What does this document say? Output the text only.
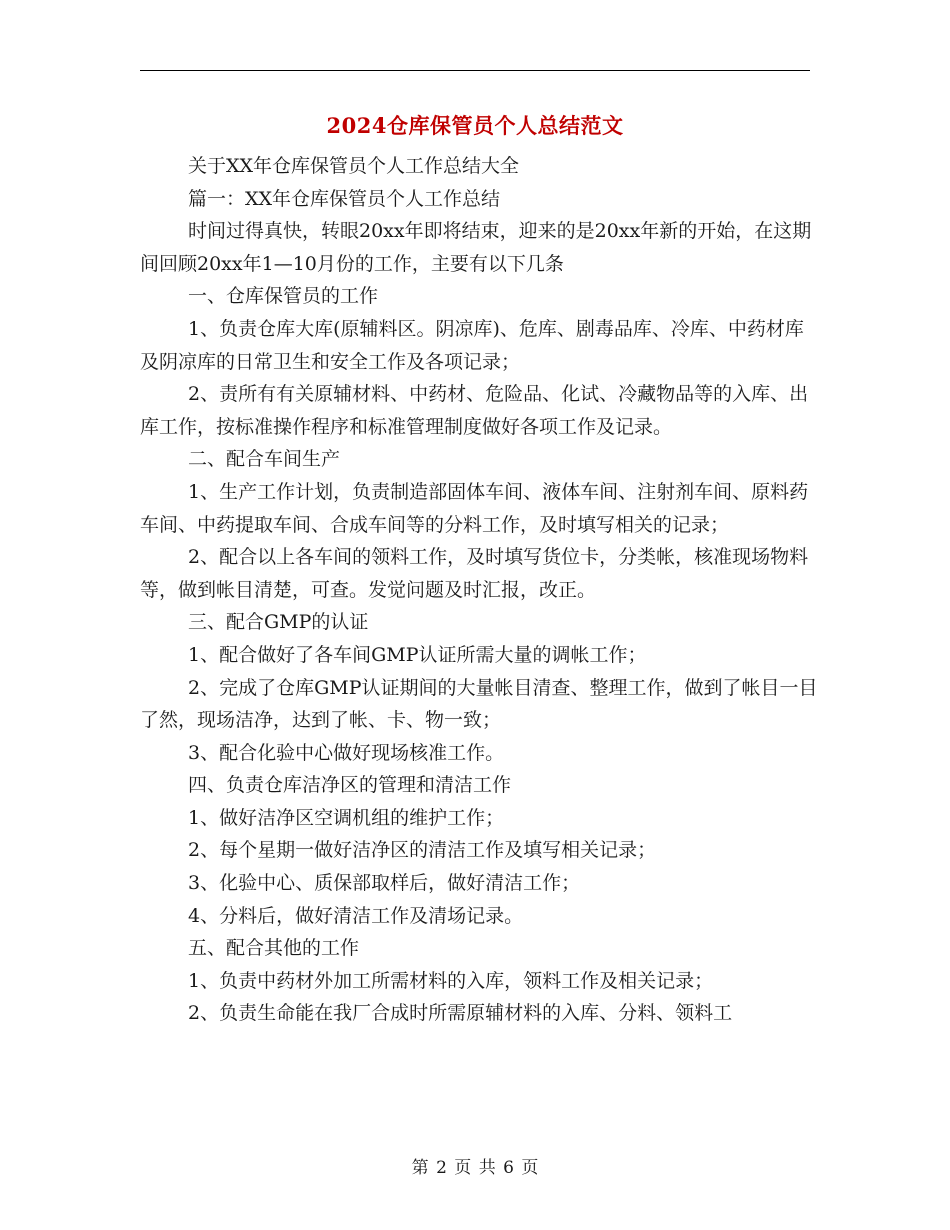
2024仓库保管员个人总结范文

关于XX年仓库保管员个人工作总结大全

篇一：XX年仓库保管员个人工作总结

时间过得真快，转眼20xx年即将结束，迎来的是20xx年新的开始，在这期间回顾20xx年1—10月份的工作，主要有以下几条

一、仓库保管员的工作

1、负责仓库大库(原辅料区。阴凉库)、危库、剧毒品库、冷库、中药材库及阴凉库的日常卫生和安全工作及各项记录；

2、责所有有关原辅材料、中药材、危险品、化试、冷藏物品等的入库、出库工作，按标准操作程序和标准管理制度做好各项工作及记录。

二、配合车间生产

1、生产工作计划，负责制造部固体车间、液体车间、注射剂车间、原料药车间、中药提取车间、合成车间等的分料工作，及时填写相关的记录；

2、配合以上各车间的领料工作，及时填写货位卡，分类帐，核准现场物料等，做到帐目清楚，可查。发觉问题及时汇报，改正。

三、配合GMP的认证

1、配合做好了各车间GMP认证所需大量的调帐工作；

2、完成了仓库GMP认证期间的大量帐目清查、整理工作，做到了帐目一目了然，现场洁净，达到了帐、卡、物一致；

3、配合化验中心做好现场核准工作。

四、负责仓库洁净区的管理和清洁工作

1、做好洁净区空调机组的维护工作；

2、每个星期一做好洁净区的清洁工作及填写相关记录；

3、化验中心、质保部取样后，做好清洁工作；

4、分料后，做好清洁工作及清场记录。

五、配合其他的工作

1、负责中药材外加工所需材料的入库，领料工作及相关记录；

2、负责生命能在我厂合成时所需原辅材料的入库、分料、领料工

第 2 页 共 6 页
